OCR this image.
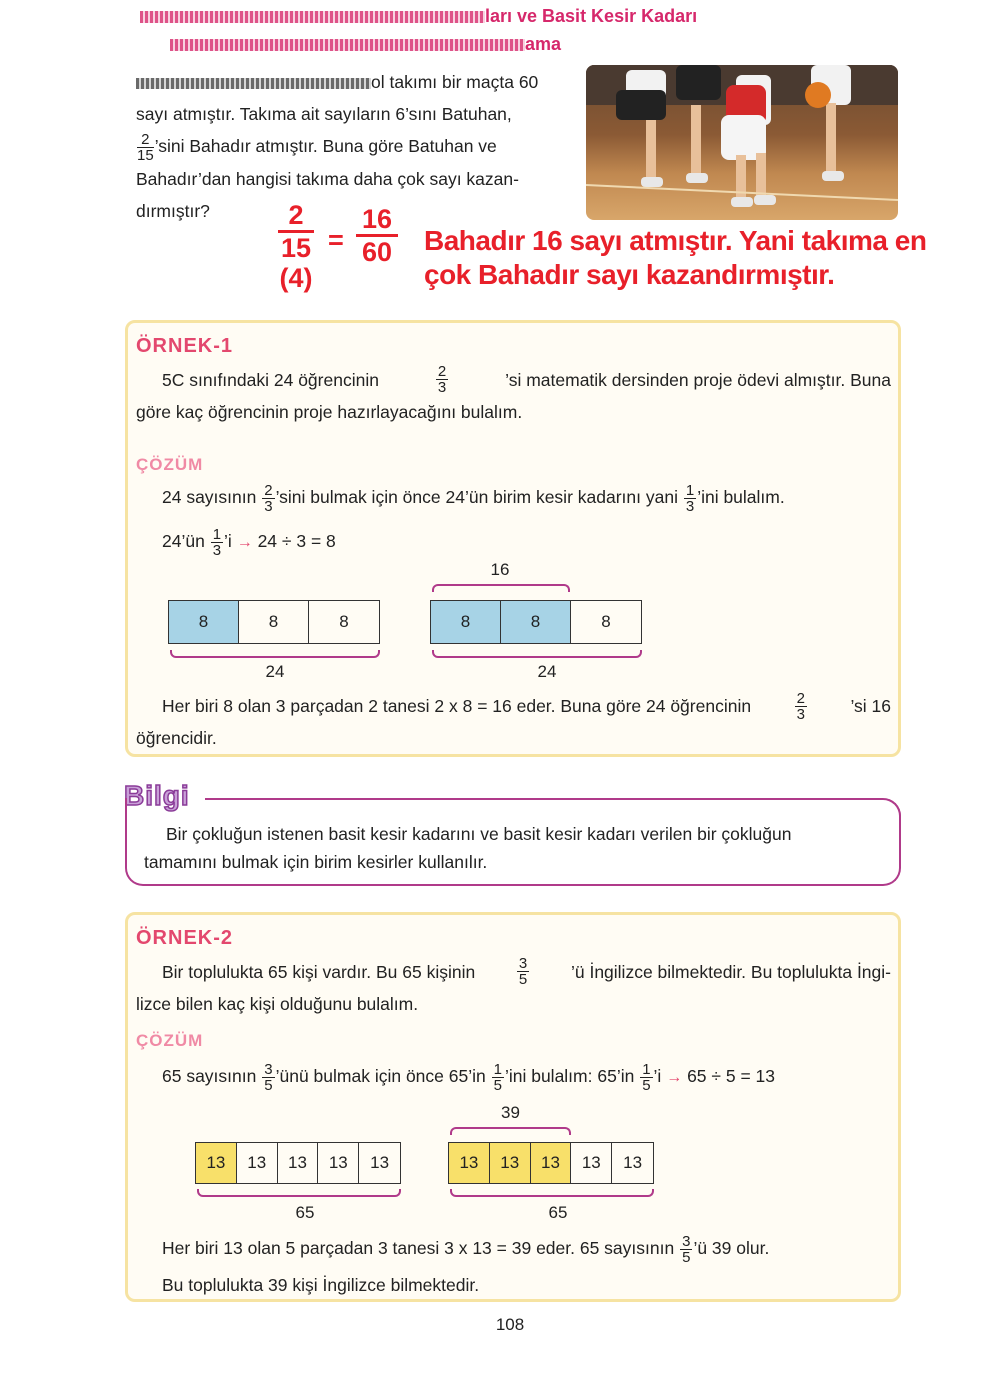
ları ve Basit Kesir Kadarı
ama
ol takımı bir maçta 60
sayı atmıştır. Takıma ait sayıların 6’sını Batuhan,
$\frac{2}{15}$ ’sini Bahadır atmıştır. Buna göre Batuhan ve
Bahadır’dan hangisi takıma daha çok sayı kazan-
dırmıştır?	2
15
(4)
= $\frac{16}{60}$ Bahadır 16 sayı atmıştır. Yani takıma en
çok Bahadır sayı kazandırmıştır.
ÖRNEK-1
5C sınıfındaki 24 öğrencinin	$\frac{2}{3}$	’si matematik dersinden proje ödevi almıştır. Buna
göre kaç öğrencinin proje hazırlayacağını bulalım.
ÇÖZÜM
24 sayısının $\frac{2}{3}$ ’sini bulmak için önce 24’ün birim kesir kadarını yani $\frac{1}{3}$ ’ini bulalım.
24’ün $\frac{1}{3}$ ’i → 24 ÷ 3 = 8
8	8	8
24
16
8	8	8
24
Her biri 8 olan 3 parçadan 2 tanesi 2 x 8 = 16 eder. Buna göre 24 öğrencinin	$\frac{2}{3}$ ’si 16
öğrencidir.
Bilgi
Bir çokluğun istenen basit kesir kadarını ve basit kesir kadarı verilen bir çokluğun
tamamını bulmak için birim kesirler kullanılır.
ÖRNEK-2
Bir toplulukta 65 kişi vardır. Bu 65 kişinin	$\frac{3}{5}$ ’ü İngilizce bilmektedir. Bu toplulukta İngi-
lizce bilen kaç kişi olduğunu bulalım.
ÇÖZÜM
65 sayısının $\frac{3}{5}$ ’ünü bulmak için önce 65’in $\frac{1}{5}$ ’ini bulalım: 65’in $\frac{1}{5}$ ’i → 65 ÷ 5 = 13
13	13	13	13	13
65
39
13	13	13	13	13
65
Her biri 13 olan 5 parçadan 3 tanesi 3 x 13 = 39 eder. 65 sayısının $\frac{3}{5}$ ’ü 39 olur.
Bu toplulukta 39 kişi İngilizce bilmektedir.
108
